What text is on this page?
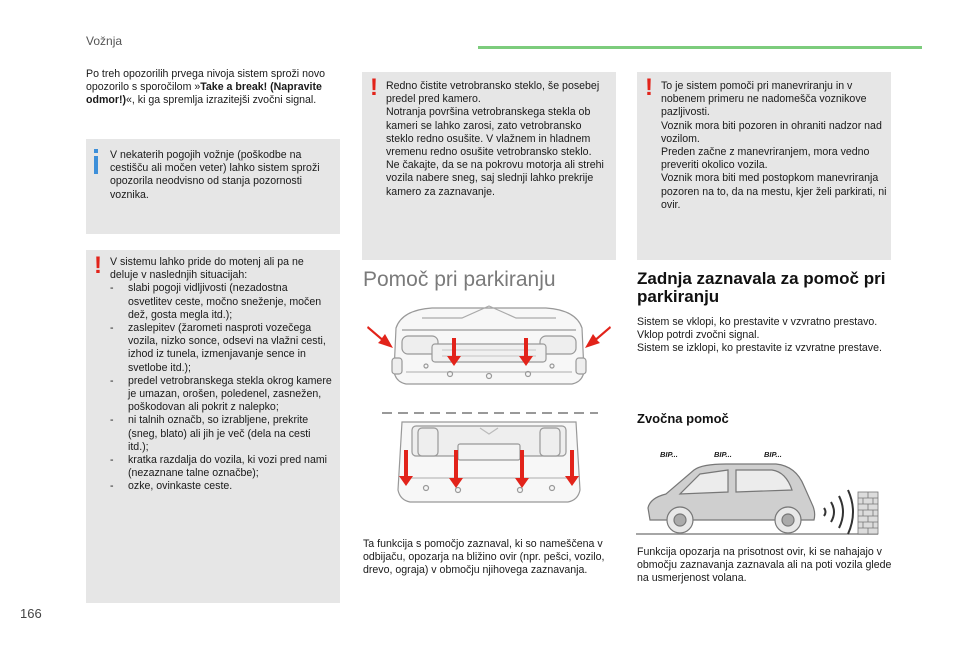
Vožnja
166
Po treh opozorilih prvega nivoja sistem sproži novo opozorilo s sporočilom »Take a break! (Napravite odmor!)«, ki ga spremlja izrazitejši zvočni signal.
V nekaterih pogojih vožnje (poškodbe na cestišču ali močen veter) lahko sistem sproži opozorila neodvisno od stanja pozornosti voznika.
! V sistemu lahko pride do motenj ali pa ne deluje v naslednjih situacijah:
- slabi pogoji vidljivosti (nezadostna osvetlitev ceste, močno sneženje, močen dež, gosta megla itd.);
- zaslepitev (žarometi nasproti vozečega vozila, nizko sonce, odsevi na vlažni cesti, izhod iz tunela, izmenjavanje sence in svetlobe itd.);
- predel vetrobranskega stekla okrog kamere je umazan, orošen, poledenel, zasnežen, poškodovan ali pokrit z nalepko;
- ni talnih označb, so izrabljene, prekrite (sneg, blato) ali jih je več (dela na cesti itd.);
- kratka razdalja do vozila, ki vozi pred nami (nezaznane talne označbe);
- ozke, ovinkaste ceste.
! Redno čistite vetrobransko steklo, še posebej predel pred kamero.
Notranja površina vetrobranskega stekla ob kameri se lahko zarosi, zato vetrobransko steklo redno osušite. V vlažnem in hladnem vremenu redno osušite vetrobransko steklo.
Ne čakajte, da se na pokrovu motorja ali strehi vozila nabere sneg, saj slednji lahko prekrije kamero za zaznavanje.
Pomoč pri parkiranju
Ta funkcija s pomočjo zaznaval, ki so nameščena v odbijaču, opozarja na bližino ovir (npr. pešci, vozilo, drevo, ograja) v območju njihovega zaznavanja.
! To je sistem pomoči pri manevriranju in v nobenem primeru ne nadomešča voznikove pazljivosti.
Voznik mora biti pozoren in ohraniti nadzor nad vozilom.
Preden začne z manevriranjem, mora vedno preveriti okolico vozila.
Voznik mora biti med postopkom manevriranja pozoren na to, da na mestu, kjer želi parkirati, ni ovir.
Zadnja zaznavala za pomoč pri parkiranju
Sistem se vklopi, ko prestavite v vzvratno prestavo.
Vklop potrdi zvočni signal.
Sistem se izklopi, ko prestavite iz vzvratne prestave.
Zvočna pomoč
BIP...	BIP...	BIP...
Funkcija opozarja na prisotnost ovir, ki se nahajajo v območju zaznavanja zaznavala ali na poti vozila glede na usmerjenost volana.
